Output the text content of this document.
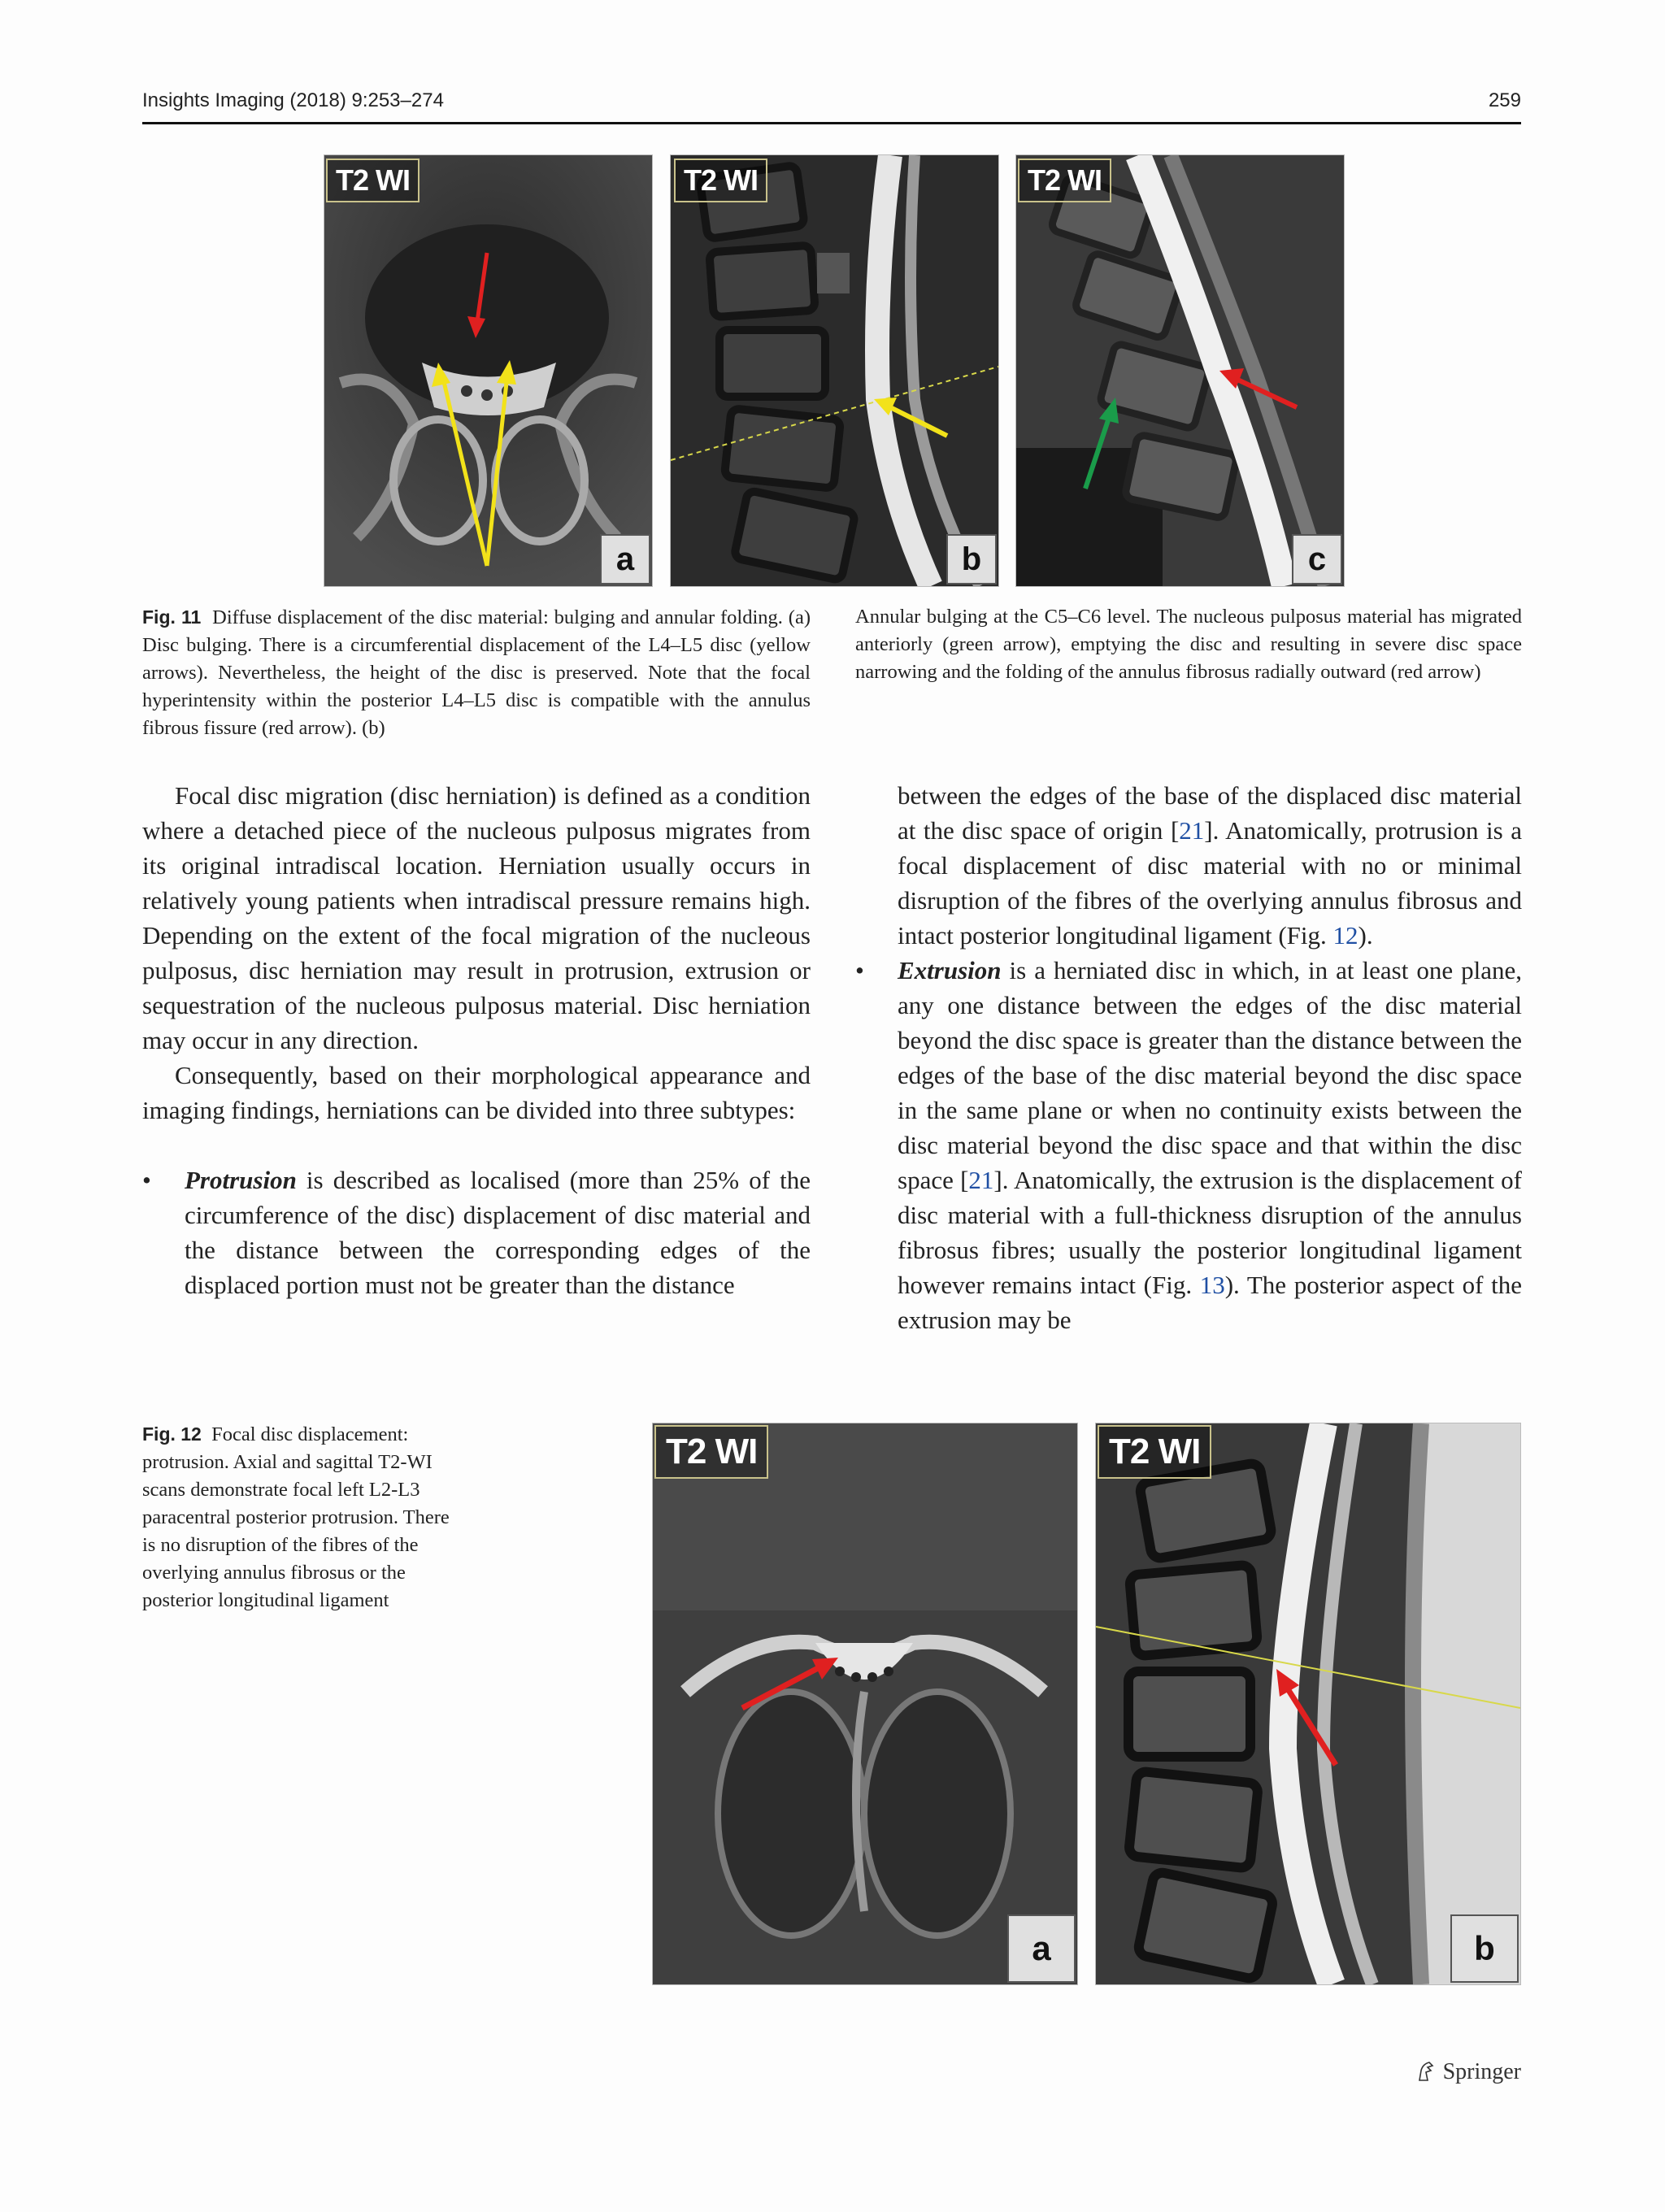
Insights Imaging (2018) 9:253–274	259
T2 WI
a
T2 WI
b
T2 WI
c
Fig. 11 Diffuse displacement of the disc material: bulging and annular folding. (a) Disc bulging. There is a circumferential displacement of the L4–L5 disc (yellow arrows). Nevertheless, the height of the disc is preserved. Note that the focal hyperintensity within the posterior L4–L5 disc is compatible with the annulus fibrous fissure (red arrow). (b)
Annular bulging at the C5–C6 level. The nucleous pulposus material has migrated anteriorly (green arrow), emptying the disc and resulting in severe disc space narrowing and the folding of the annulus fibrosus radially outward (red arrow)

Focal disc migration (disc herniation) is defined as a condition where a detached piece of the nucleous pulposus migrates from its original intradiscal location. Herniation usually occurs in relatively young patients when intradiscal pressure remains high. Depending on the extent of the focal migration of the nucleous pulposus, disc herniation may result in protrusion, extrusion or sequestration of the nucleous pulposus material. Disc herniation may occur in any direction.

Consequently, based on their morphological appearance and imaging findings, herniations can be divided into three subtypes:

• Protrusion is described as localised (more than 25% of the circumference of the disc) displacement of disc material and the distance between the corresponding edges of the displaced portion must not be greater than the distance

between the edges of the base of the displaced disc material at the disc space of origin [21]. Anatomically, protrusion is a focal displacement of disc material with no or minimal disruption of the fibres of the overlying annulus fibrosus and intact posterior longitudinal ligament (Fig. 12).

• Extrusion is a herniated disc in which, in at least one plane, any one distance between the edges of the disc material beyond the disc space is greater than the distance between the edges of the base of the disc material beyond the disc space in the same plane or when no continuity exists between the disc material beyond the disc space and that within the disc space [21]. Anatomically, the extrusion is the displacement of disc material with a full-thickness disruption of the annulus fibrosus fibres; usually the posterior longitudinal ligament however remains intact (Fig. 13). The posterior aspect of the extrusion may be

Fig. 12 Focal disc displacement: protrusion. Axial and sagittal T2-WI scans demonstrate focal left L2-L3 paracentral posterior protrusion. There is no disruption of the fibres of the overlying annulus fibrosus or the posterior longitudinal ligament
T2 WI
a
T2 WI
b
Springer
